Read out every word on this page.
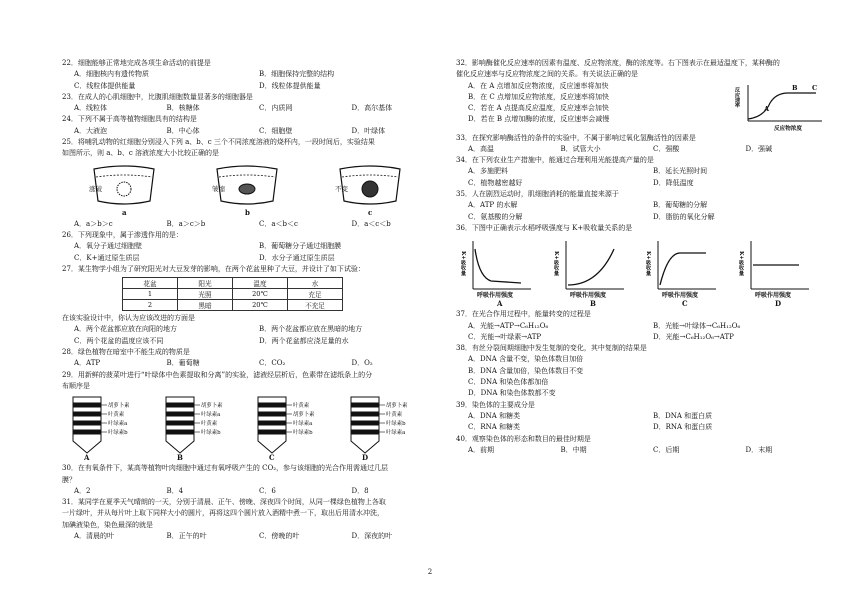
22．细胞能够正常地完成各项生命活动的前提是

A．细胞核内有遗传物质	B．细胞保持完整的结构
C．线粒体提供能量	D．线粒体提供能量

23．在成人的心肌细胞中，比腹肌细胞数量显著多的细胞器是

A．线粒体	B．核糖体	C．内质网	D．高尔基体

24．下列不属于高等植物细胞具有的结构是

A．大液泡	B．中心体	C．细胞壁	D．叶绿体

25．将哺乳动物的红细胞分别浸入下列 a、b、c 三个不同浓度溶液的烧杯内，一段时间后，实验结果

如图所示，则 a、b、c 溶液浓度大小比较正确的是

涨破
a
皱缩
b
不变
c
A．a＞b＞c	B．a＞c＞b	C．a＜b＜c	D．a＜c＜b

26．下列现象中，属于渗透作用的是：

A．氧分子通过细胞壁	B．葡萄糖分子通过细胞膜
C．K+通过原生质层	D．水分子通过原生质层

27．某生物学小组为了研究阳光对大豆发芽的影响，在两个花盆里种了大豆，并设计了如下试验：

花盆	阳光	温度	水
1	光照	20℃	充足
2	黑暗	20℃	不充足

在该实验设计中，你认为应该改进的方面是

A．两个花盆都应放在向阳的地方	B．两个花盆都应放在黑暗的地方
C．两个花盆的温度应该不同	D．两个花盆都应浇足量的水

28．绿色植物在暗室中不能生成的物质是

A．ATP	B．葡萄糖	C．CO₂	D．O₂

29．用新鲜的菠菜叶进行“叶绿体中色素提取和分离”的实验，滤液经层析后，色素带在滤纸条上的分

布顺序是

胡萝卜素
叶黄素
叶绿素a
叶绿素b
A
胡萝卜素
叶绿素a
叶黄素
叶绿素b
B
叶黄素
胡萝卜素
叶绿素a
叶绿素b
C
胡萝卜素
叶黄素
叶绿素b
叶绿素a
D

30．在有氧条件下，某高等植物叶肉细胞中通过有氧呼吸产生的 CO₂，参与该细胞的光合作用需通过几层

膜？

A．2	B．4	C．6	D．8

31．某同学在夏季天气晴朗的一天，分别于清晨、正午、傍晚、深夜四个时间，从同一棵绿色植物上各取

一片绿叶，并从每片叶上取下同样大小的圆片，再将这四个圆片放入酒精中煮一下，取出后用清水冲洗，

加碘液染色，染色最深的就是

A．清晨的叶	B．正午的叶	C．傍晚的叶	D．深夜的叶

32．影响酶催化反应速率的因素有温度、反应物浓度，酶的浓度等。右下图表示在最适温度下，某种酶的

催化反应速率与反应物浓度之间的关系。有关说法正确的是

A．在 A 点增加反应物浓度，反应速率将加快
B．在 C 点增加反应物浓度，反应速率将加快
C．若在 A 点提高反应温度，反应速率会加快
D．若在 B 点增加酶的浓度，反应速率会减慢
反应速率
反应物浓度
A
B C

33．在探究影响酶活性的条件的实验中，不属于影响过氧化氢酶活性的因素是

A．高温	B．试管大小	C．强酸	D．强碱

34．在下列农业生产措施中，能通过合理利用光能提高产量的是

A．多施肥料	B．延长光照时间
C．植物越密越好	D．降低温度

35．人在剧烈运动时，肌细胞消耗的能量直接来源于

A．ATP 的水解	B．葡萄糖的分解
C．氨基酸的分解	D．脂肪的氧化分解

36．下图中正确表示水稻呼吸强度与 K+吸收量关系的是

K+吸收量
呼吸作用强度
A
K+吸收量
呼吸作用强度
B
K+吸收量
呼吸作用强度
C
K+吸收量
呼吸作用强度
D

37．在光合作用过程中，能量转变的过程是

A．光能→ATP→C₆H₁₂O₆	B．光能→叶绿体→C₆H₁₂O₆
C．光能→叶绿素→ATP	D．光能→C₆H₁₂O₆→ATP

38．有丝分裂间期细胞中发生复制的变化，其中复制的结果是

A．DNA 含量不变，染色体数目加倍
B．DNA 含量加倍，染色体数目不变
C．DNA 和染色体都加倍
D．DNA 和染色体数都不变

39．染色体的主要成分是

A．DNA 和糖类	B．DNA 和蛋白质
C．RNA 和糖类	D．RNA 和蛋白质

40．观察染色体的形态和数目的最佳时期是

A．前期	B．中期	C．后期	D．末期
2
